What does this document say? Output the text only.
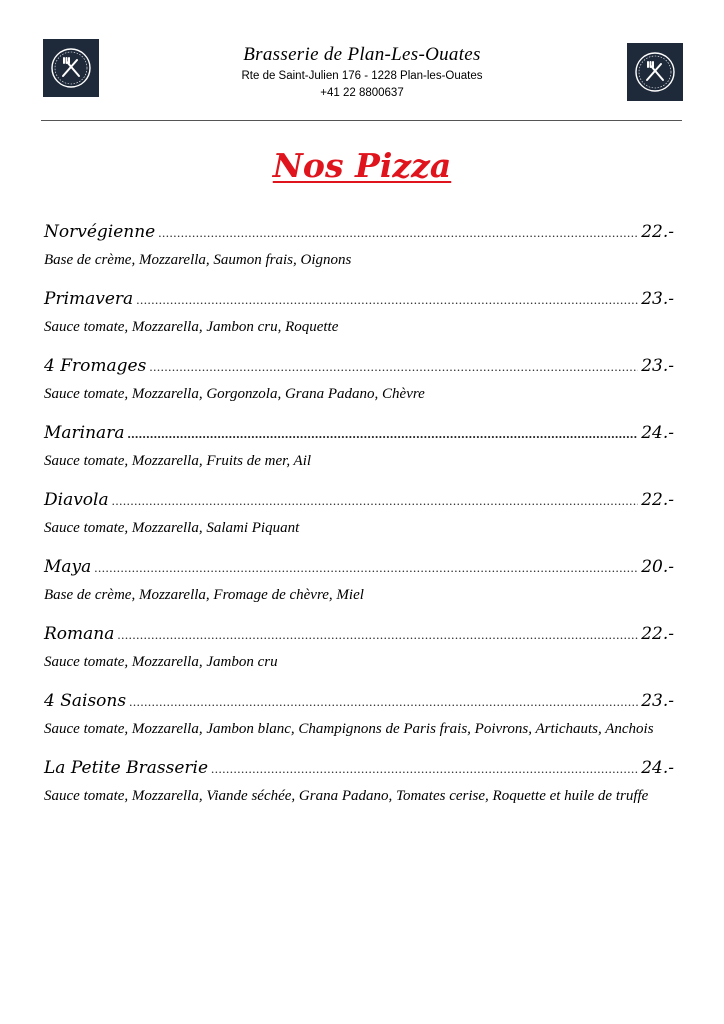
Brasserie de Plan-Les-Ouates
Rte de Saint-Julien 176 - 1228 Plan-les-Ouates
+41 22 8800637
Nos Pizza
Norvégienne .....	22.-
Base de crème, Mozzarella, Saumon frais, Oignons
Primavera .....	23.-
Sauce tomate, Mozzarella, Jambon cru, Roquette
4 Fromages .....	23.-
Sauce tomate, Mozzarella, Gorgonzola, Grana Padano, Chèvre
Marinara .....	24.-
Sauce tomate, Mozzarella, Fruits de mer, Ail
Diavola .....	22.-
Sauce tomate, Mozzarella, Salami Piquant
Maya .....	20.-
Base de crème, Mozzarella, Fromage de chèvre, Miel
Romana .....	22.-
Sauce tomate, Mozzarella, Jambon cru
4 Saisons .....	23.-
Sauce tomate, Mozzarella, Jambon blanc, Champignons de Paris frais, Poivrons, Artichauts, Anchois
La Petite Brasserie .....	24.-
Sauce tomate, Mozzarella, Viande séchée, Grana Padano, Tomates cerise, Roquette et huile de truffe
